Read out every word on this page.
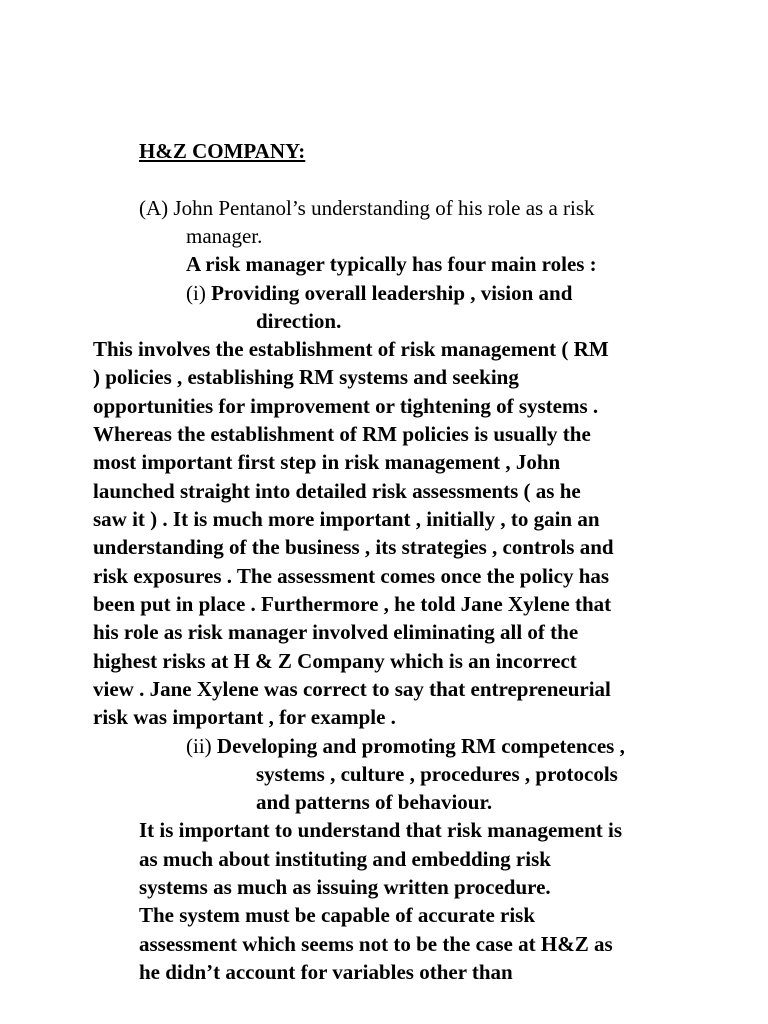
H&Z COMPANY:
(A) John Pentanol’s understanding of his role as a risk
manager.
A risk manager typically has four main roles :
(i) Providing overall leadership , vision and
direction.
This involves the establishment of risk management ( RM
) policies , establishing RM systems and seeking
opportunities for improvement or tightening of systems .
Whereas the establishment of RM policies is usually the
most important first step in risk management , John
launched straight into detailed risk assessments ( as he
saw it ) . It is much more important , initially , to gain an
understanding of the business , its strategies , controls and
risk exposures . The assessment comes once the policy has
been put in place . Furthermore , he told Jane Xylene that
his role as risk manager involved eliminating all of the
highest risks at H & Z Company which is an incorrect
view . Jane Xylene was correct to say that entrepreneurial
risk was important , for example .
(ii) Developing and promoting RM competences ,
systems , culture , procedures , protocols
and patterns of behaviour.
It is important to understand that risk management is
as much about instituting and embedding risk
systems as much as issuing written procedure.
The system must be capable of accurate risk
assessment which seems not to be the case at H&Z as
he didn’t account for variables other than
